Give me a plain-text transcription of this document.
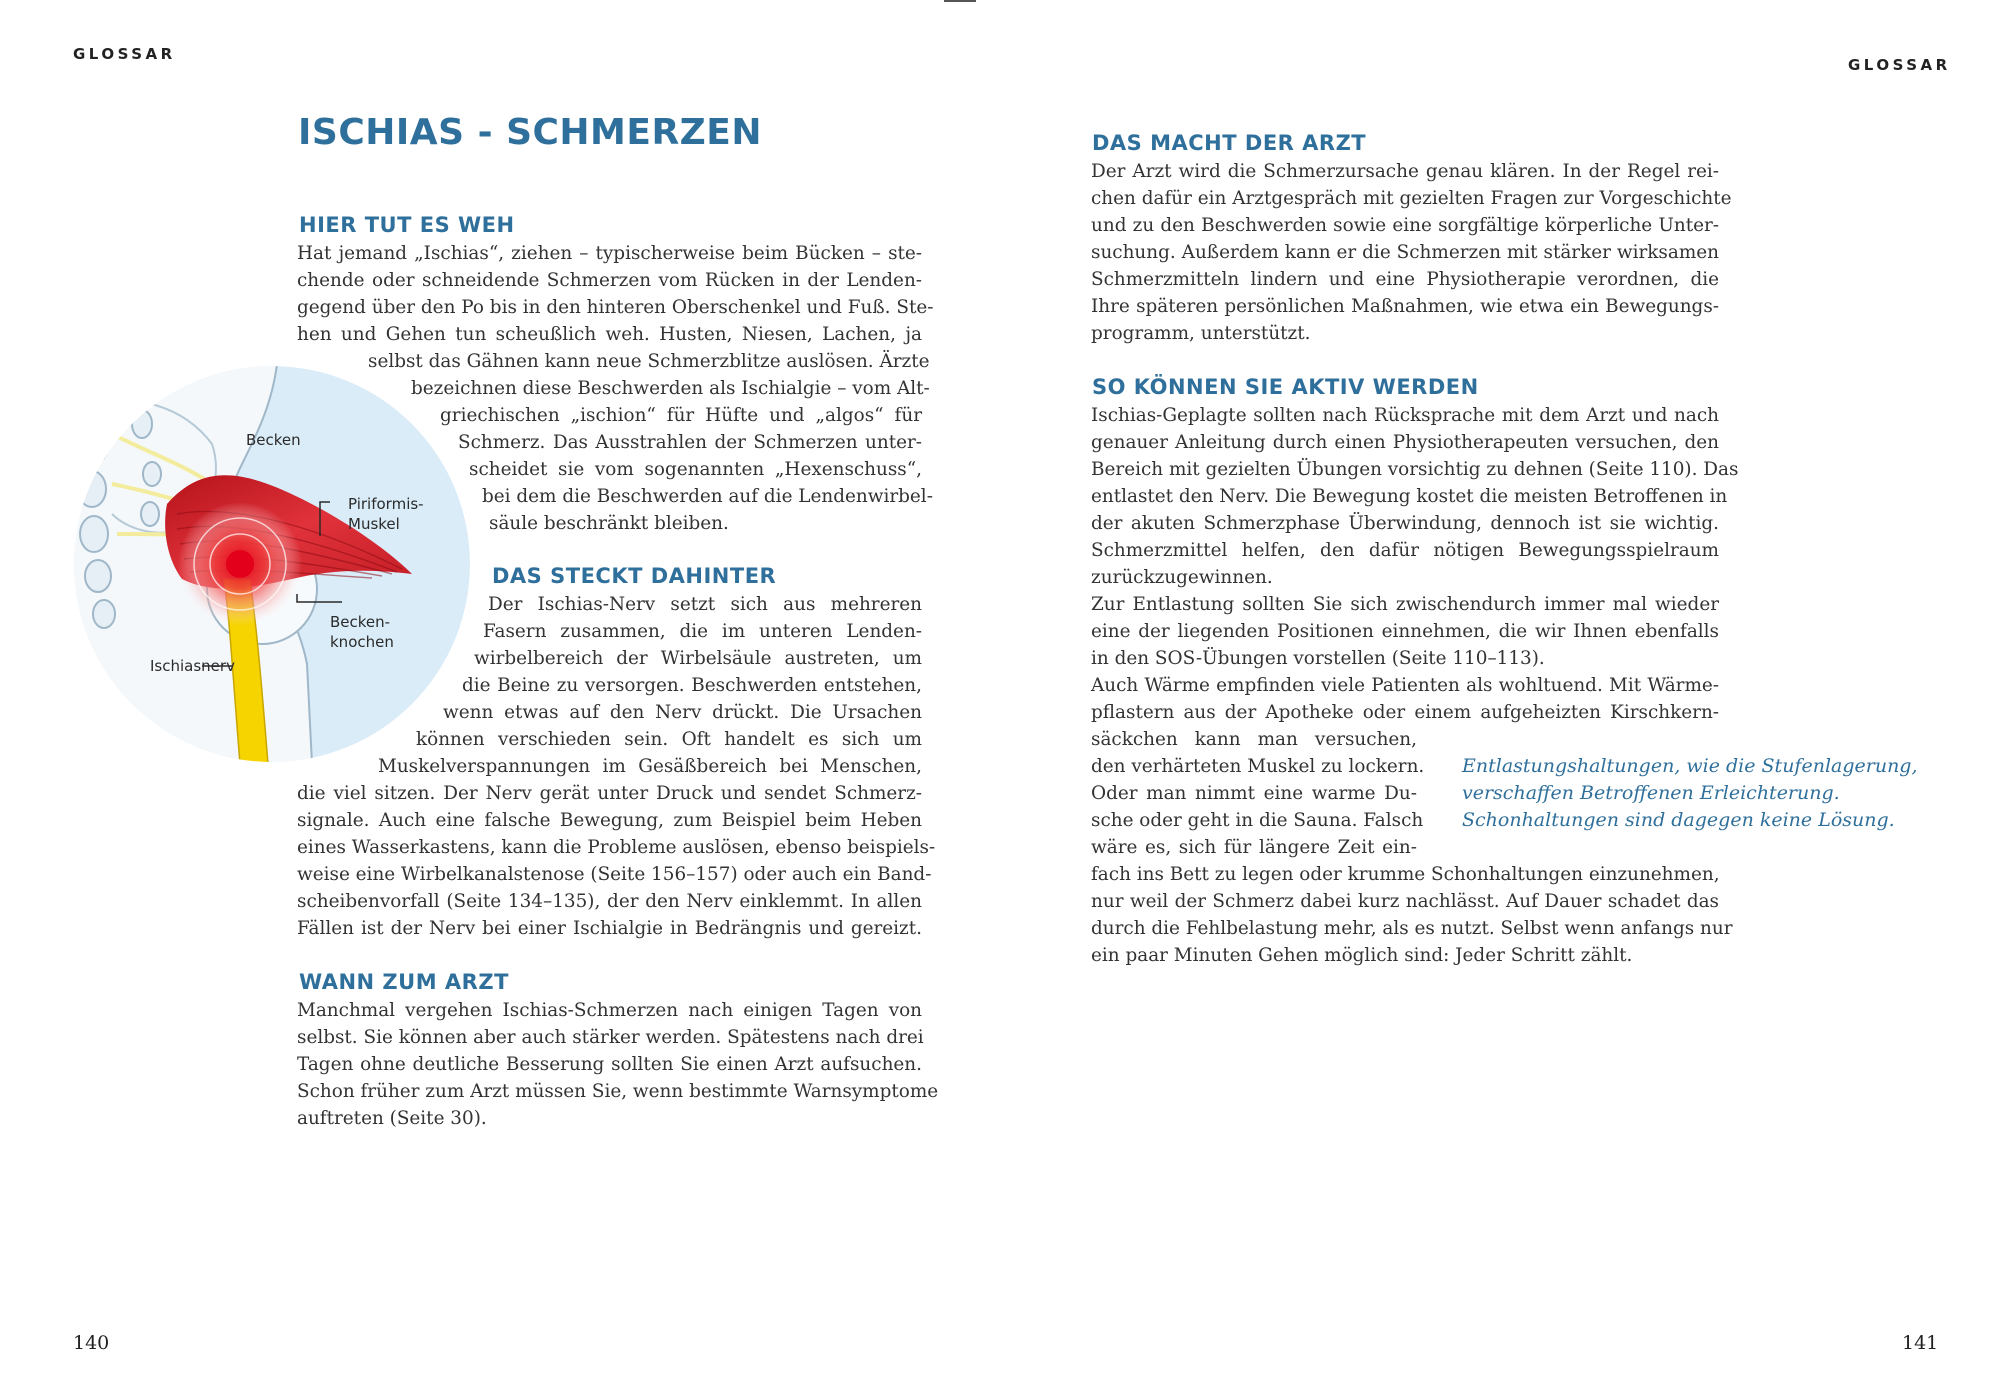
GLOSSAR
ISCHIAS - SCHMERZEN
HIER TUT ES WEH

Hat jemand „Ischias“, ziehen – typischerweise beim Bücken – ste-

chende oder schneidende Schmerzen vom Rücken in der Lenden-

gegend über den Po bis in den hinteren Oberschenkel und Fuß. Ste-

hen und Gehen tun scheußlich weh. Husten, Niesen, Lachen, ja

selbst das Gähnen kann neue Schmerzblitze auslösen. Ärzte

bezeichnen diese Beschwerden als Ischialgie – vom Alt-

griechischen „ischion“ für Hüfte und „algos“ für

Schmerz. Das Ausstrahlen der Schmerzen unter-

scheidet sie vom sogenannten „Hexenschuss“,

bei dem die Beschwerden auf die Lendenwirbel-

säule beschränkt bleiben.

DAS STECKT DAHINTER

Der Ischias-Nerv setzt sich aus mehreren

Fasern zusammen, die im unteren Lenden-

wirbelbereich der Wirbelsäule austreten, um

die Beine zu versorgen. Beschwerden entstehen,

wenn etwas auf den Nerv drückt. Die Ursachen

können verschieden sein. Oft handelt es sich um

Muskelverspannungen im Gesäßbereich bei Menschen,

die viel sitzen. Der Nerv gerät unter Druck und sendet Schmerz-

signale. Auch eine falsche Bewegung, zum Beispiel beim Heben

eines Wasserkastens, kann die Probleme auslösen, ebenso beispiels-

weise eine Wirbelkanalstenose (Seite 156–157) oder auch ein Band-

scheibenvorfall (Seite 134–135), der den Nerv einklemmt. In allen

Fällen ist der Nerv bei einer Ischialgie in Bedrängnis und gereizt.

WANN ZUM ARZT

Manchmal vergehen Ischias-Schmerzen nach einigen Tagen von

selbst. Sie können aber auch stärker werden. Spätestens nach drei

Tagen ohne deutliche Besserung sollten Sie einen Arzt aufsuchen.

Schon früher zum Arzt müssen Sie, wenn bestimmte Warnsymptome

auftreten (Seite 30).

Becken
Piriformis-
Muskel
Becken-
knochen
Ischiasnerv
140
GLOSSAR
DAS MACHT DER ARZT

Der Arzt wird die Schmerzursache genau klären. In der Regel rei-

chen dafür ein Arztgespräch mit gezielten Fragen zur Vorgeschichte

und zu den Beschwerden sowie eine sorgfältige körperliche Unter-

suchung. Außerdem kann er die Schmerzen mit stärker wirksamen

Schmerzmitteln lindern und eine Physiotherapie verordnen, die

Ihre späteren persönlichen Maßnahmen, wie etwa ein Bewegungs-

programm, unterstützt.

SO KÖNNEN SIE AKTIV WERDEN

Ischias-Geplagte sollten nach Rücksprache mit dem Arzt und nach

genauer Anleitung durch einen Physiotherapeuten versuchen, den

Bereich mit gezielten Übungen vorsichtig zu dehnen (Seite 110). Das

entlastet den Nerv. Die Bewegung kostet die meisten Betroffenen in

der akuten Schmerzphase Überwindung, dennoch ist sie wichtig.

Schmerzmittel helfen, den dafür nötigen Bewegungsspielraum

zurückzugewinnen.

Zur Entlastung sollten Sie sich zwischendurch immer mal wieder

eine der liegenden Positionen einnehmen, die wir Ihnen ebenfalls

in den SOS-Übungen vorstellen (Seite 110–113).

Auch Wärme empfinden viele Patienten als wohltuend. Mit Wärme-

pflastern aus der Apotheke oder einem aufgeheizten Kirschkern-

säckchen kann man versuchen,

den verhärteten Muskel zu lockern.

Oder man nimmt eine warme Du-

sche oder geht in die Sauna. Falsch

wäre es, sich für längere Zeit ein-

fach ins Bett zu legen oder krumme Schonhaltungen einzunehmen,

nur weil der Schmerz dabei kurz nachlässt. Auf Dauer schadet das

durch die Fehlbelastung mehr, als es nutzt. Selbst wenn anfangs nur

ein paar Minuten Gehen möglich sind: Jeder Schritt zählt.

Entlastungshaltungen, wie die Stufenlagerung,

verschaffen Betroffenen Erleichterung.

Schonhaltungen sind dagegen keine Lösung.

141
